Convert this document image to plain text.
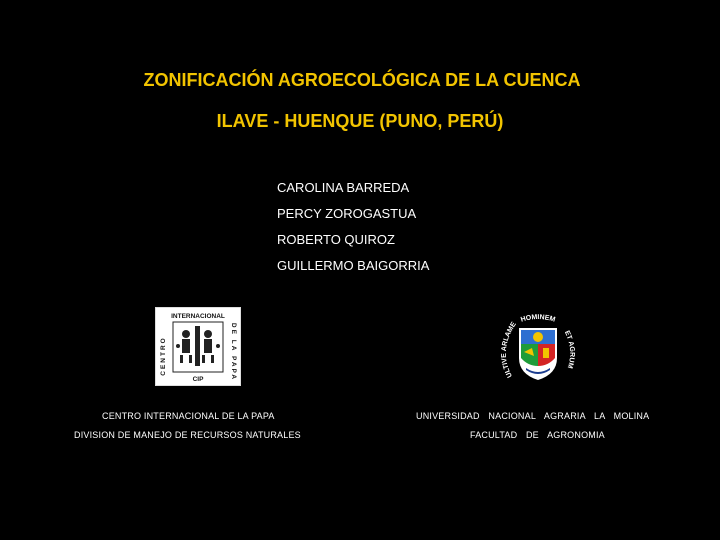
ZONIFICACIÓN AGROECOLÓGICA DE LA CUENCA
ILAVE - HUENQUE (PUNO, PERÚ)
CAROLINA BARREDA
PERCY ZOROGASTUA
ROBERTO QUIROZ
GUILLERMO BAIGORRIA
INTERNACIONAL
CENTRO	DE LA PAPA
CIP
HOMINEM
ULTIVE ARLAME
ET AGRUM
CENTRO INTERNACIONAL DE LA PAPA
DIVISION DE MANEJO DE RECURSOS NATURALES
UNIVERSIDAD NACIONAL AGRARIA LA MOLINA
FACULTAD DE AGRONOMIA
